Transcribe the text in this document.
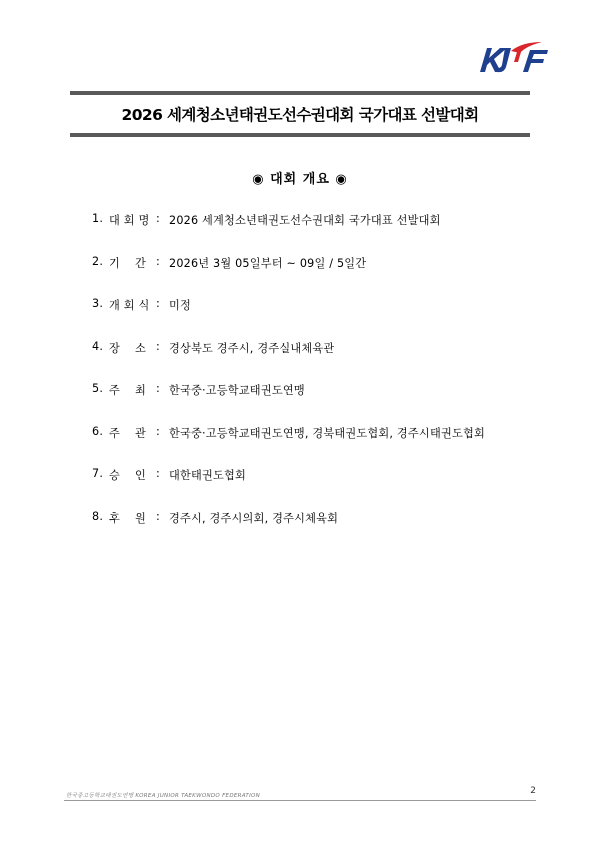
2026 세계청소년태권도선수권대회 국가대표 선발대회
◉ 대회 개요 ◉
1. 대 회 명 : 2026 세계청소년태권도선수권대회 국가대표 선발대회
2. 기    간 : 2026년 3월 05일부터 ~ 09일 / 5일간
3. 개 회 식 : 미정
4. 장    소 : 경상북도 경주시, 경주실내체육관
5. 주    최 : 한국중·고등학교태권도연맹
6. 주    관 : 한국중·고등학교태권도연맹, 경북태권도협회, 경주시태권도협회
7. 승    인 : 대한태권도협회
8. 후    원 : 경주시, 경주시의회, 경주시체육회
한국중고등학교태권도연맹 KOREA JUNIOR TAEKWONDO FEDERATION	2
